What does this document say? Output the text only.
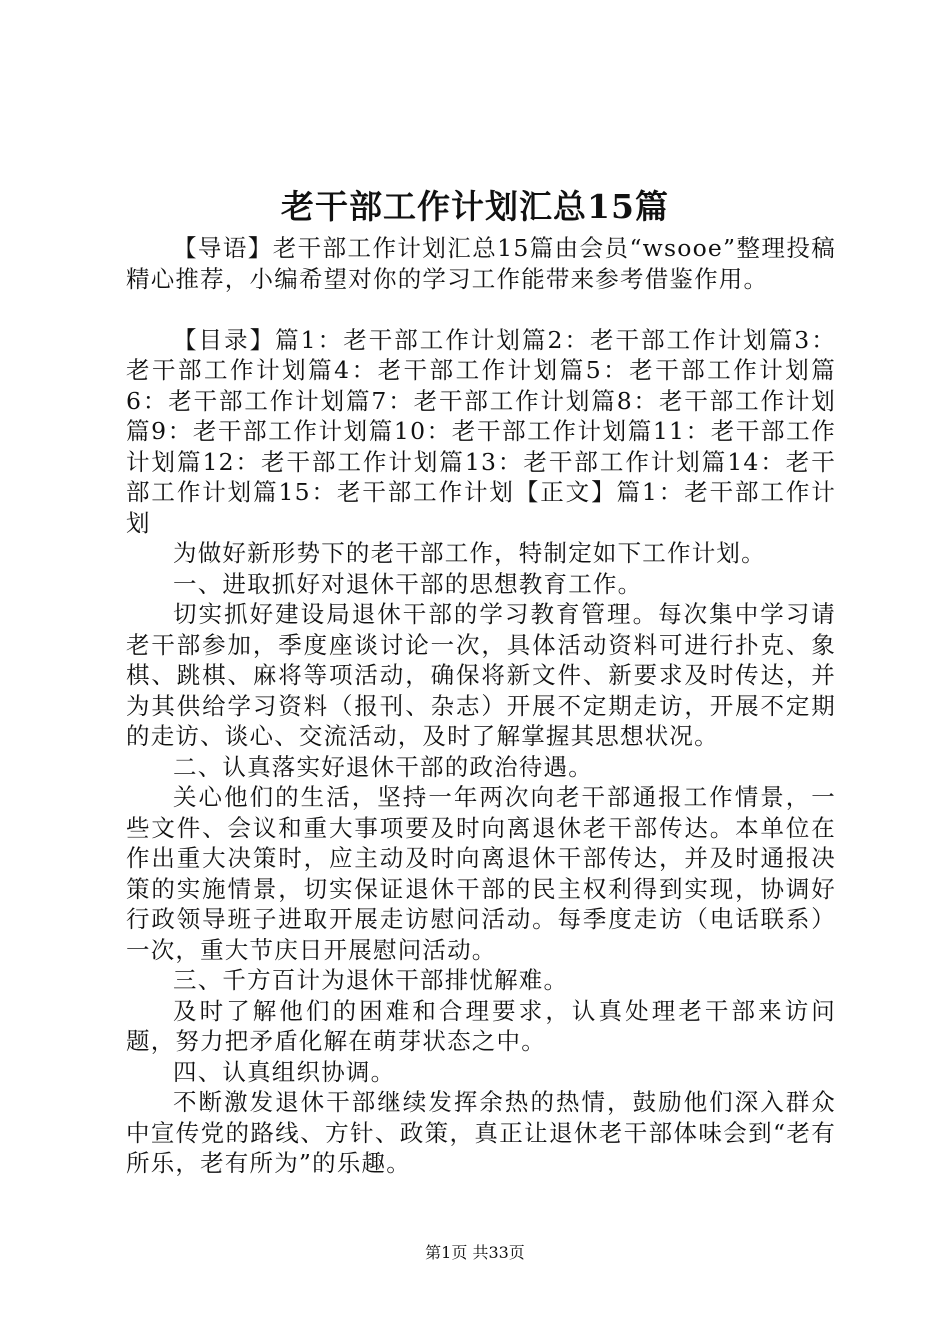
老干部工作计划汇总15篇

【导语】老干部工作计划汇总15篇由会员“wsooe”整理投稿精心推荐，小编希望对你的学习工作能带来参考借鉴作用。

【目录】篇1：老干部工作计划篇2：老干部工作计划篇3：老干部工作计划篇4：老干部工作计划篇5：老干部工作计划篇6：老干部工作计划篇7：老干部工作计划篇8：老干部工作计划篇9：老干部工作计划篇10：老干部工作计划篇11：老干部工作计划篇12：老干部工作计划篇13：老干部工作计划篇14：老干部工作计划篇15：老干部工作计划【正文】篇1：老干部工作计划

为做好新形势下的老干部工作，特制定如下工作计划。

一、进取抓好对退休干部的思想教育工作。

切实抓好建设局退休干部的学习教育管理。每次集中学习请老干部参加，季度座谈讨论一次，具体活动资料可进行扑克、象棋、跳棋、麻将等项活动，确保将新文件、新要求及时传达，并为其供给学习资料（报刊、杂志）开展不定期走访，开展不定期的走访、谈心、交流活动，及时了解掌握其思想状况。

二、认真落实好退休干部的政治待遇。

关心他们的生活，坚持一年两次向老干部通报工作情景，一些文件、会议和重大事项要及时向离退休老干部传达。本单位在作出重大决策时，应主动及时向离退休干部传达，并及时通报决策的实施情景，切实保证退休干部的民主权利得到实现，协调好行政领导班子进取开展走访慰问活动。每季度走访（电话联系）一次，重大节庆日开展慰问活动。

三、千方百计为退休干部排忧解难。

及时了解他们的困难和合理要求，认真处理老干部来访问题，努力把矛盾化解在萌芽状态之中。

四、认真组织协调。

不断激发退休干部继续发挥余热的热情，鼓励他们深入群众中宣传党的路线、方针、政策，真正让退休老干部体味会到“老有所乐，老有所为”的乐趣。

第1页 共33页
